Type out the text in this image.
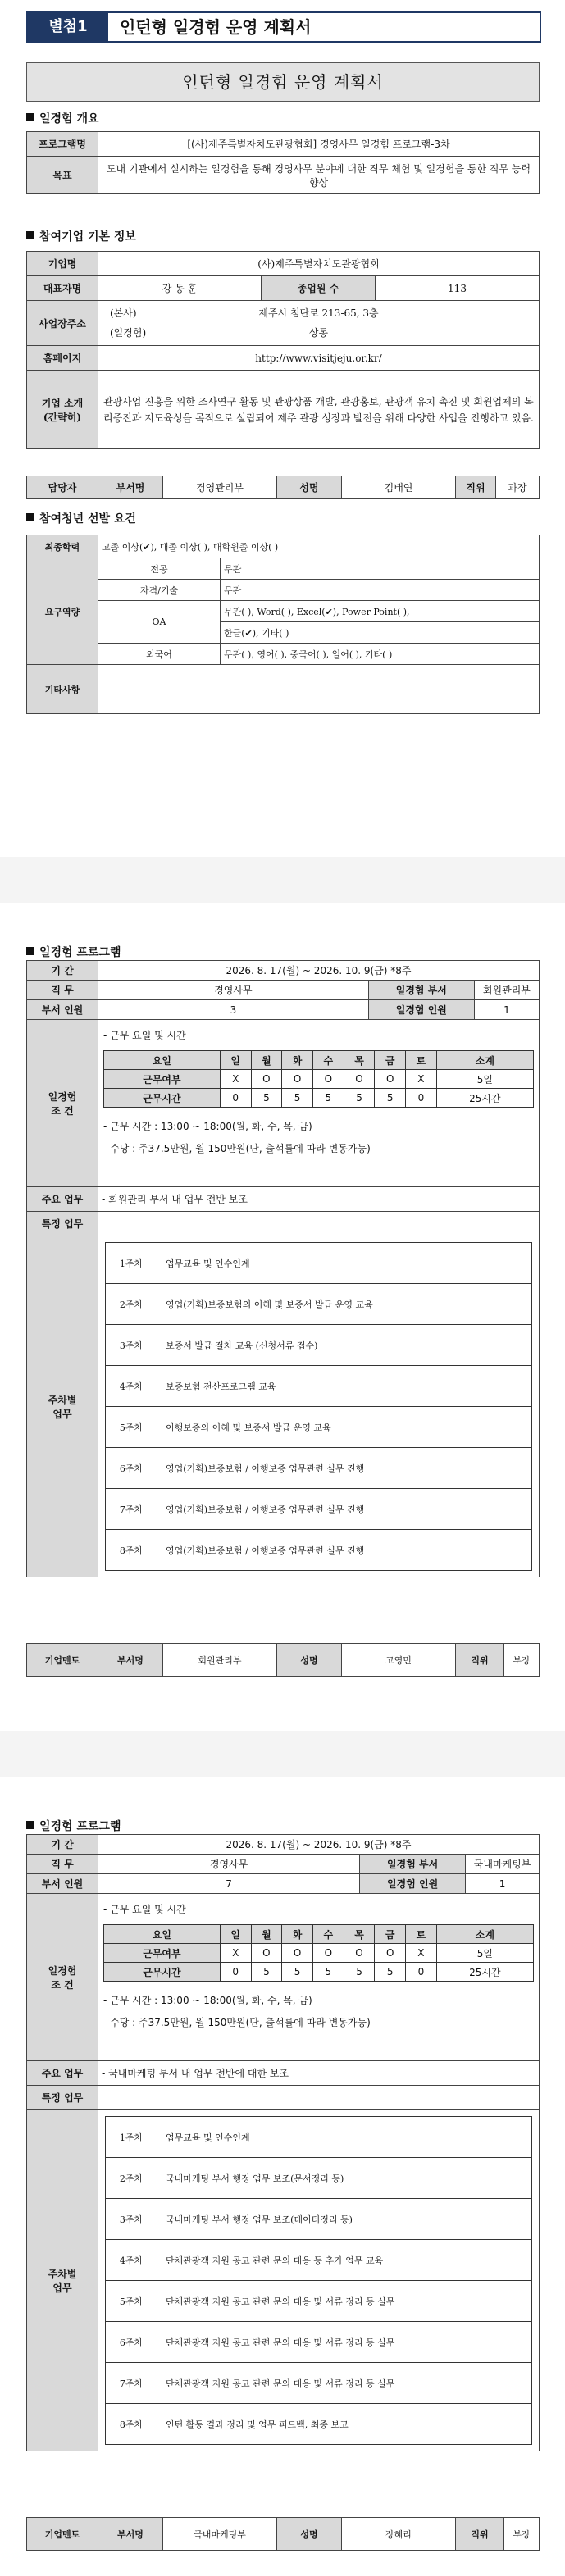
별첨1	인턴형 일경험 운영 계획서
인턴형 일경험 운영 계획서
일경험 개요
프로그램명	[(사)제주특별자치도관광협회] 경영사무 일경험 프로그램-3차
목표	도내 기관에서 실시하는 일경험을 통해 경영사무 분야에 대한 직무 체험 및 일경험을 통한 직무 능력 향상
참여기업 기본 정보
기업명	(사)제주특별자치도관광협회		
대표자명	강 동 훈	종업원 수	113
사업장주소	(본사) 제주시 첨단로 213-65, 3층
(일경험) 상동		

홈페이지	http://www.visitjeju.or.kr/		
기업 소개
(간략히)	관광사업 진흥을 위한 조사연구 활동 및 관광상품 개발, 관광홍보, 관광객 유치 촉진 및 회원업체의 복리증진과 지도육성을 목적으로 설립되어 제주 관광 성장과 발전을 위해 다양한 사업을 진행하고 있음.		
담당자	부서명	경영관리부	성명	김태연	직위	과장
참여청년 선발 요건
최종학력	고졸 이상(✔), 대졸 이상( ), 대학원졸 이상( )	
요구역량	전공	무관
	자격/기술	무관
	OA	무관( ), Word( ), Excel(✔), Power Point( ),
		한글(✔), 기타( )
	외국어	무관( ), 영어( ), 중국어( ), 일어( ), 기타( )
기타사항		
일경험 프로그램
기 간	2026. 8. 17(월) ~ 2026. 10. 9(금) *8주
직 무	경영사무	일경험 부서	회원관리부
부서 인원	3	일경험 인원	1
일경험
조 건	
- 근무 요일 및 시간
요일	일	월	화	수	목	금	토	소계
근무여부	X	O	O	O	O	O	X	5일
근무시간	0	5	5	5	5	5	0	25시간
- 근무 시간 : 13:00 ~ 18:00(월, 화, 수, 목, 금)
- 수당 : 주37.5만원, 월 150만원(단, 출석률에 따라 변동가능)

주요 업무	- 회원관리 부서 내 업무 전반 보조
특정 업무	
주차별
업무	
1주차	업무교육 및 인수인계
2주차	영업(기획)보증보험의 이해 및 보증서 발급 운영 교육
3주차	보증서 발급 절차 교육 (신청서류 접수)
4주차	보증보험 전산프로그램 교육
5주차	이행보증의 이해 및 보증서 발급 운영 교육
6주차	영업(기획)보증보험 / 이행보증 업무관련 실무 진행
7주차	영업(기획)보증보험 / 이행보증 업무관련 실무 진행
8주차	영업(기획)보증보험 / 이행보증 업무관련 실무 진행
기업멘토	부서명	회원관리부	성명	고영민	직위	부장
일경험 프로그램
기 간	2026. 8. 17(월) ~ 2026. 10. 9(금) *8주
직 무	경영사무	일경험 부서	국내마케팅부
부서 인원	7	일경험 인원	1
일경험
조 건	
- 근무 요일 및 시간
요일	일	월	화	수	목	금	토	소계
근무여부	X	O	O	O	O	O	X	5일
근무시간	0	5	5	5	5	5	0	25시간
- 근무 시간 : 13:00 ~ 18:00(월, 화, 수, 목, 금)
- 수당 : 주37.5만원, 월 150만원(단, 출석률에 따라 변동가능)

주요 업무	- 국내마케팅 부서 내 업무 전반에 대한 보조
특정 업무	
주차별
업무	
1주차	업무교육 및 인수인계
2주차	국내마케팅 부서 행정 업무 보조(문서정리 등)
3주차	국내마케팅 부서 행정 업무 보조(데이터정리 등)
4주차	단체관광객 지원 공고 관련 문의 대응 등 추가 업무 교육
5주차	단체관광객 지원 공고 관련 문의 대응 및 서류 정리 등 실무
6주차	단체관광객 지원 공고 관련 문의 대응 및 서류 정리 등 실무
7주차	단체관광객 지원 공고 관련 문의 대응 및 서류 정리 등 실무
8주차	인턴 활동 결과 정리 및 업무 피드백, 최종 보고
기업멘토	부서명	국내마케팅부	성명	장혜리	직위	부장
